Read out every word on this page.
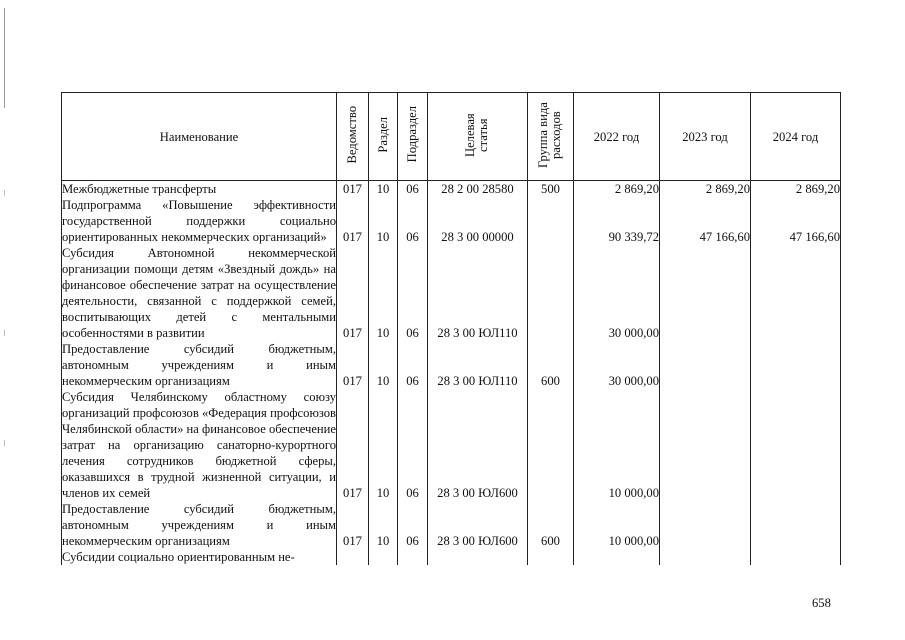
Наименование	Ведомство	Раздел	Подраздел	Целевая статья	Группа вида расходов	2022 год	2023 год	2024 год
Межбюджетные трансферты	017	10	06	28 2 00 28580	500	2 869,20	2 869,20	2 869,20
Подпрограмма «Повышение эффективности государственной поддержки социально ориентированных некоммерческих организаций»	017	10	06	28 3 00 00000		90 339,72	47 166,60	47 166,60
Субсидия Автономной некоммерческой организации помощи детям «Звездный дождь» на финансовое обеспечение затрат на осуществление деятельности, связанной с поддержкой семей, воспитывающих детей с ментальными особенностями в развитии	017	10	06	28 3 00 ЮЛ110		30 000,00		
Предоставление субсидий бюджетным, автономным учреждениям и иным некоммерческим организациям	017	10	06	28 3 00 ЮЛ110	600	30 000,00		
Субсидия Челябинскому областному союзу организаций профсоюзов «Федерация профсоюзов Челябинской области» на финансовое обеспечение затрат на организацию санаторно-курортного лечения сотрудников бюджетной сферы, оказавшихся в трудной жизненной ситуации, и членов их семей	017	10	06	28 3 00 ЮЛ600		10 000,00		
Предоставление субсидий бюджетным, автономным учреждениям и иным некоммерческим организациям	017	10	06	28 3 00 ЮЛ600	600	10 000,00		
Субсидии социально ориентированным не-								
658
